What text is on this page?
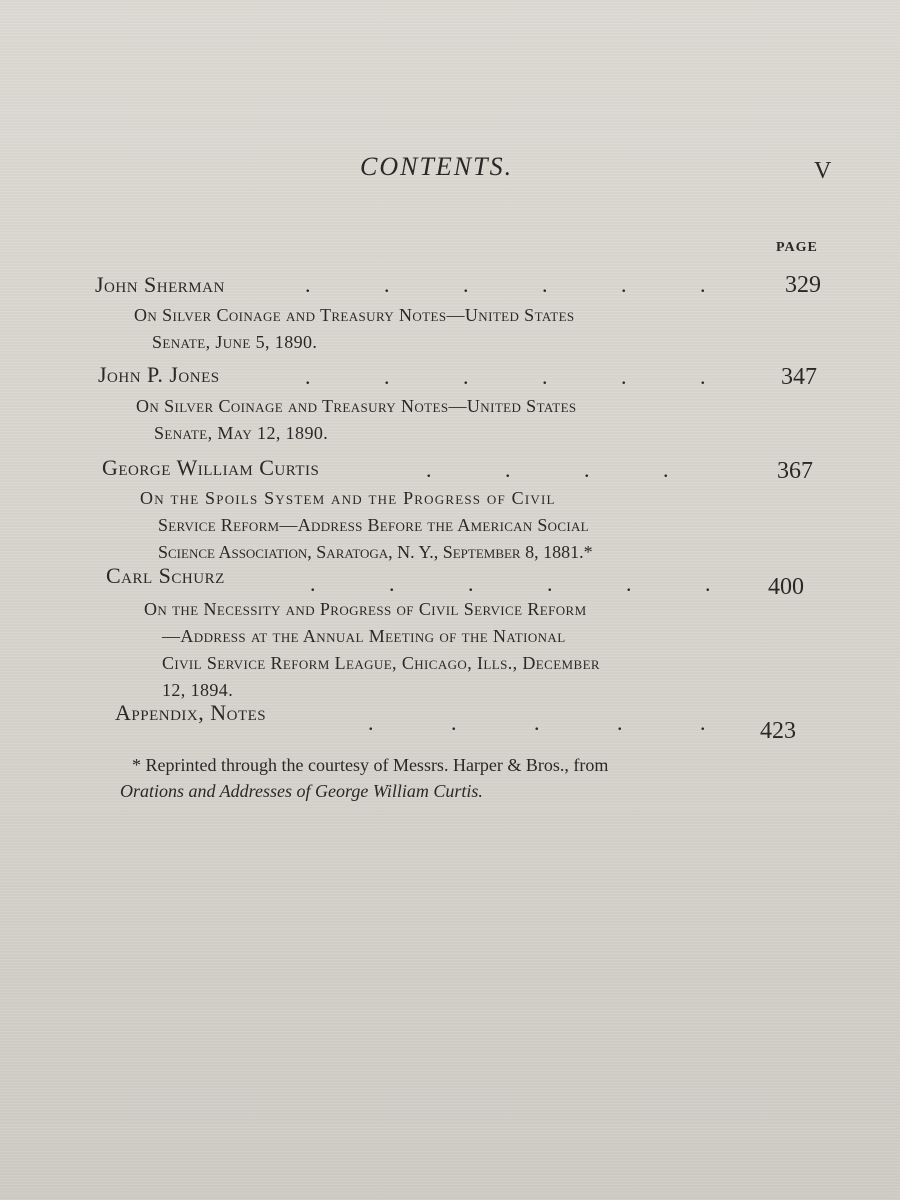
CONTENTS.	V
PAGE
John Sherman	. . . . . . 329
On Silver Coinage and Treasury Notes—United States
Senate, June 5, 1890.
John P. Jones	. . . . . . 347
On Silver Coinage and Treasury Notes—United States
Senate, May 12, 1890.
George William Curtis	. . . .	367
On the Spoils System and the Progress of Civil
Service Reform—Address Before the American Social
Science Association, Saratoga, N. Y., September 8, 1881.*
Carl Schurz	. . . . . . 400
On the Necessity and Progress of Civil Service Reform
—Address at the Annual Meeting of the National
Civil Service Reform League, Chicago, Ills., December
12, 1894.
Appendix, Notes	. . . . . 423
* Reprinted through the courtesy of Messrs. Harper & Bros., from
Orations and Addresses of George William Curtis.
